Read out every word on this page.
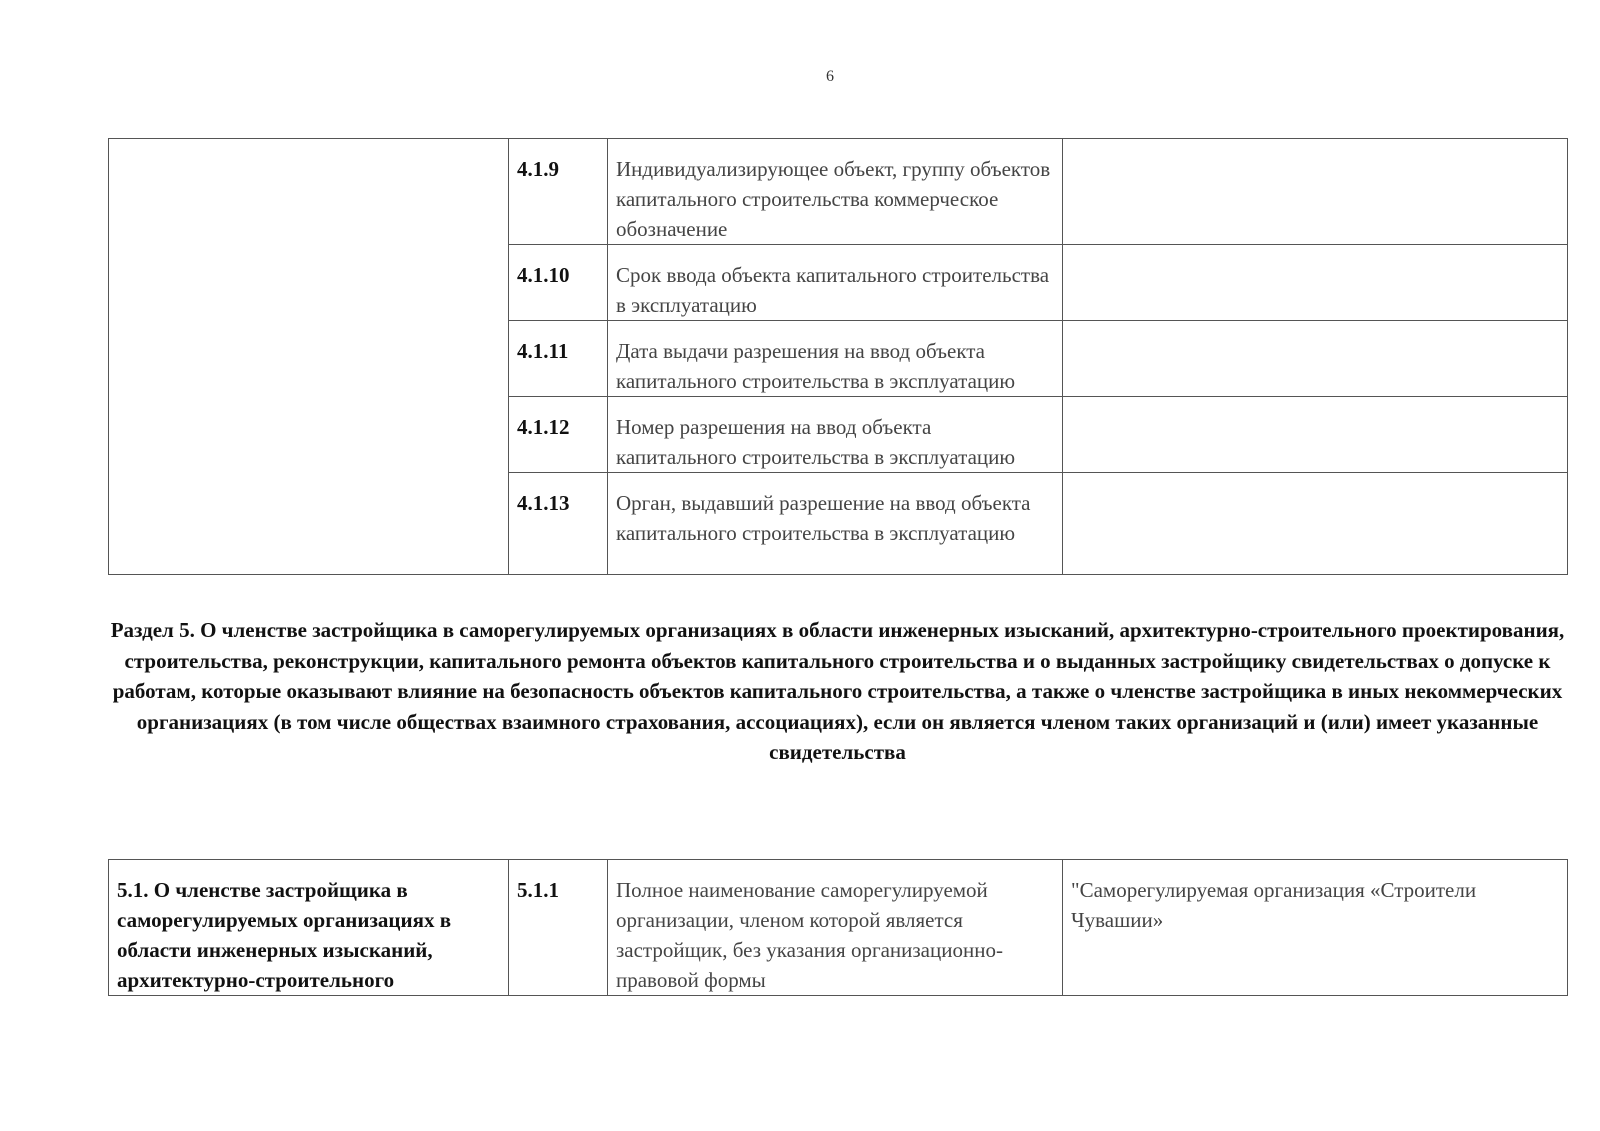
6
	4.1.9	Индивидуализирующее объект, группу объектов капитального строительства коммерческое обозначение	
	4.1.10	Срок ввода объекта капитального строительства в эксплуатацию	
	4.1.11	Дата выдачи разрешения на ввод объекта капитального строительства в эксплуатацию	
	4.1.12	Номер разрешения на ввод объекта капитального строительства в эксплуатацию	
	4.1.13	Орган, выдавший разрешение на ввод объекта капитального строительства в эксплуатацию	
Раздел 5. О членстве застройщика в саморегулируемых организациях в области инженерных изысканий, архитектурно-строительного проектирования, строительства, реконструкции, капитального ремонта объектов капитального строительства и о выданных застройщику свидетельствах о допуске к работам, которые оказывают влияние на безопасность объектов капитального строительства, а также о членстве застройщика в иных некоммерческих организациях (в том числе обществах взаимного страхования, ассоциациях), если он является членом таких организаций и (или) имеет указанные свидетельства
5.1. О членстве застройщика в саморегулируемых организациях в области инженерных изысканий, архитектурно-строительного	5.1.1	Полное наименование саморегулируемой организации, членом которой является застройщик, без указания организационно-правовой формы	"Саморегулируемая организация «Строители Чувашии»
